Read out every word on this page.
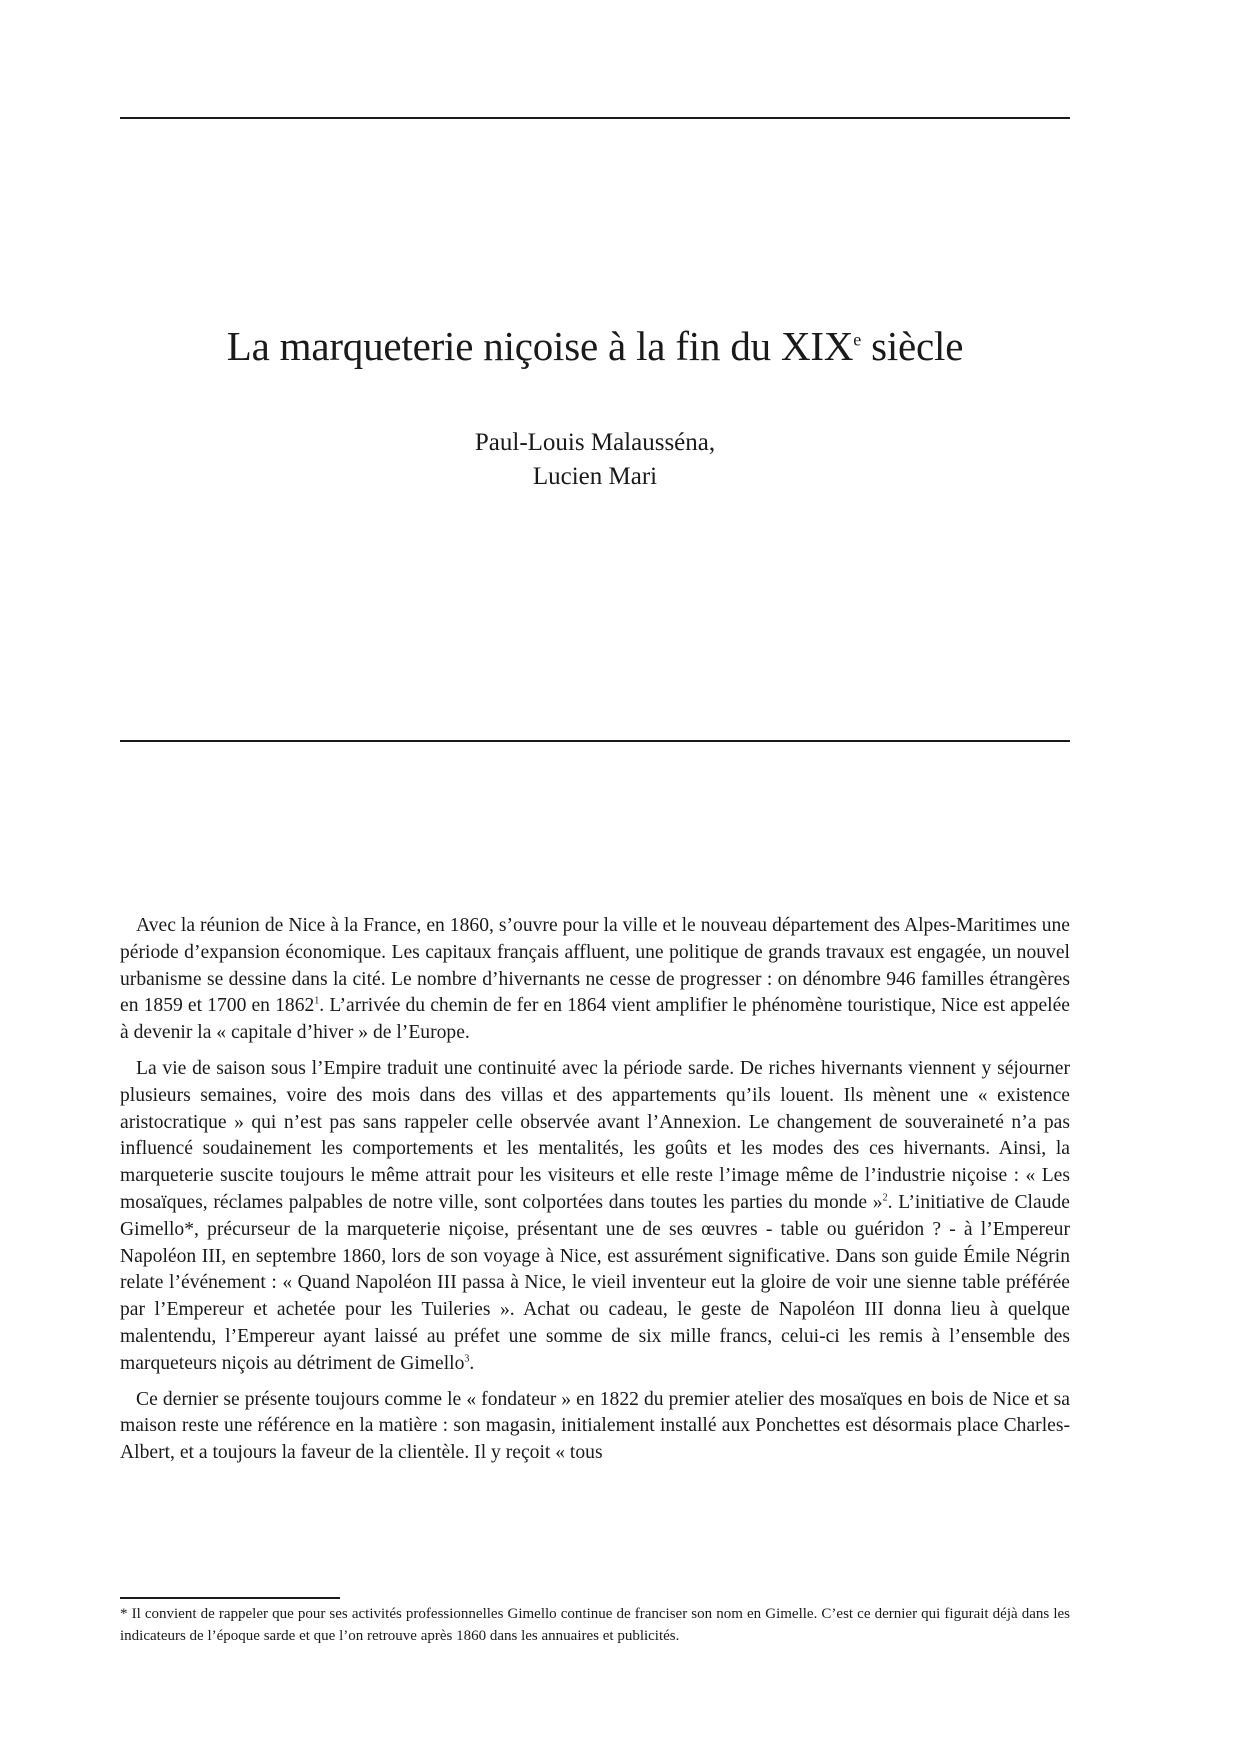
La marqueterie niçoise à la fin du XIXe siècle
Paul-Louis Malausséna,
Lucien Mari

Avec la réunion de Nice à la France, en 1860, s’ouvre pour la ville et le nouveau département des Alpes-Maritimes une période d’expansion économique. Les capitaux français affluent, une politique de grands travaux est engagée, un nouvel urbanisme se dessine dans la cité. Le nombre d’hivernants ne cesse de progresser : on dénombre 946 familles étrangères en 1859 et 1700 en 1862$^1$. L’arrivée du chemin de fer en 1864 vient amplifier le phénomène touristique, Nice est appelée à devenir la « capitale d’hiver » de l’Europe.

La vie de saison sous l’Empire traduit une continuité avec la période sarde. De riches hivernants viennent y séjourner plusieurs semaines, voire des mois dans des villas et des appartements qu’ils louent. Ils mènent une « existence aristocratique » qui n’est pas sans rappeler celle observée avant l’Annexion. Le changement de souveraineté n’a pas influencé soudainement les comportements et les mentalités, les goûts et les modes des ces hivernants. Ainsi, la marqueterie suscite toujours le même attrait pour les visiteurs et elle reste l’image même de l’industrie niçoise : « Les mosaïques, réclames palpables de notre ville, sont colportées dans toutes les parties du monde »$^2$. L’initiative de Claude Gimello*, précurseur de la marqueterie niçoise, présentant une de ses œuvres - table ou guéridon ? - à l’Empereur Napoléon III, en septembre 1860, lors de son voyage à Nice, est assurément significative. Dans son guide Émile Négrin relate l’événement : « Quand Napoléon III passa à Nice, le vieil inventeur eut la gloire de voir une sienne table préférée par l’Empereur et achetée pour les Tuileries ». Achat ou cadeau, le geste de Napoléon III donna lieu à quelque malentendu, l’Empereur ayant laissé au préfet une somme de six mille francs, celui-ci les remis à l’ensemble des marqueteurs niçois au détriment de Gimello$^3$.

Ce dernier se présente toujours comme le « fondateur » en 1822 du premier atelier des mosaïques en bois de Nice et sa maison reste une référence en la matière : son magasin, initialement installé aux Ponchettes est désormais place Charles-Albert, et a toujours la faveur de la clientèle. Il y reçoit « tous

* Il convient de rappeler que pour ses activités professionnelles Gimello continue de franciser son nom en Gimelle. C’est ce dernier qui figurait déjà dans les indicateurs de l’époque sarde et que l’on retrouve après 1860 dans les annuaires et publicités.
